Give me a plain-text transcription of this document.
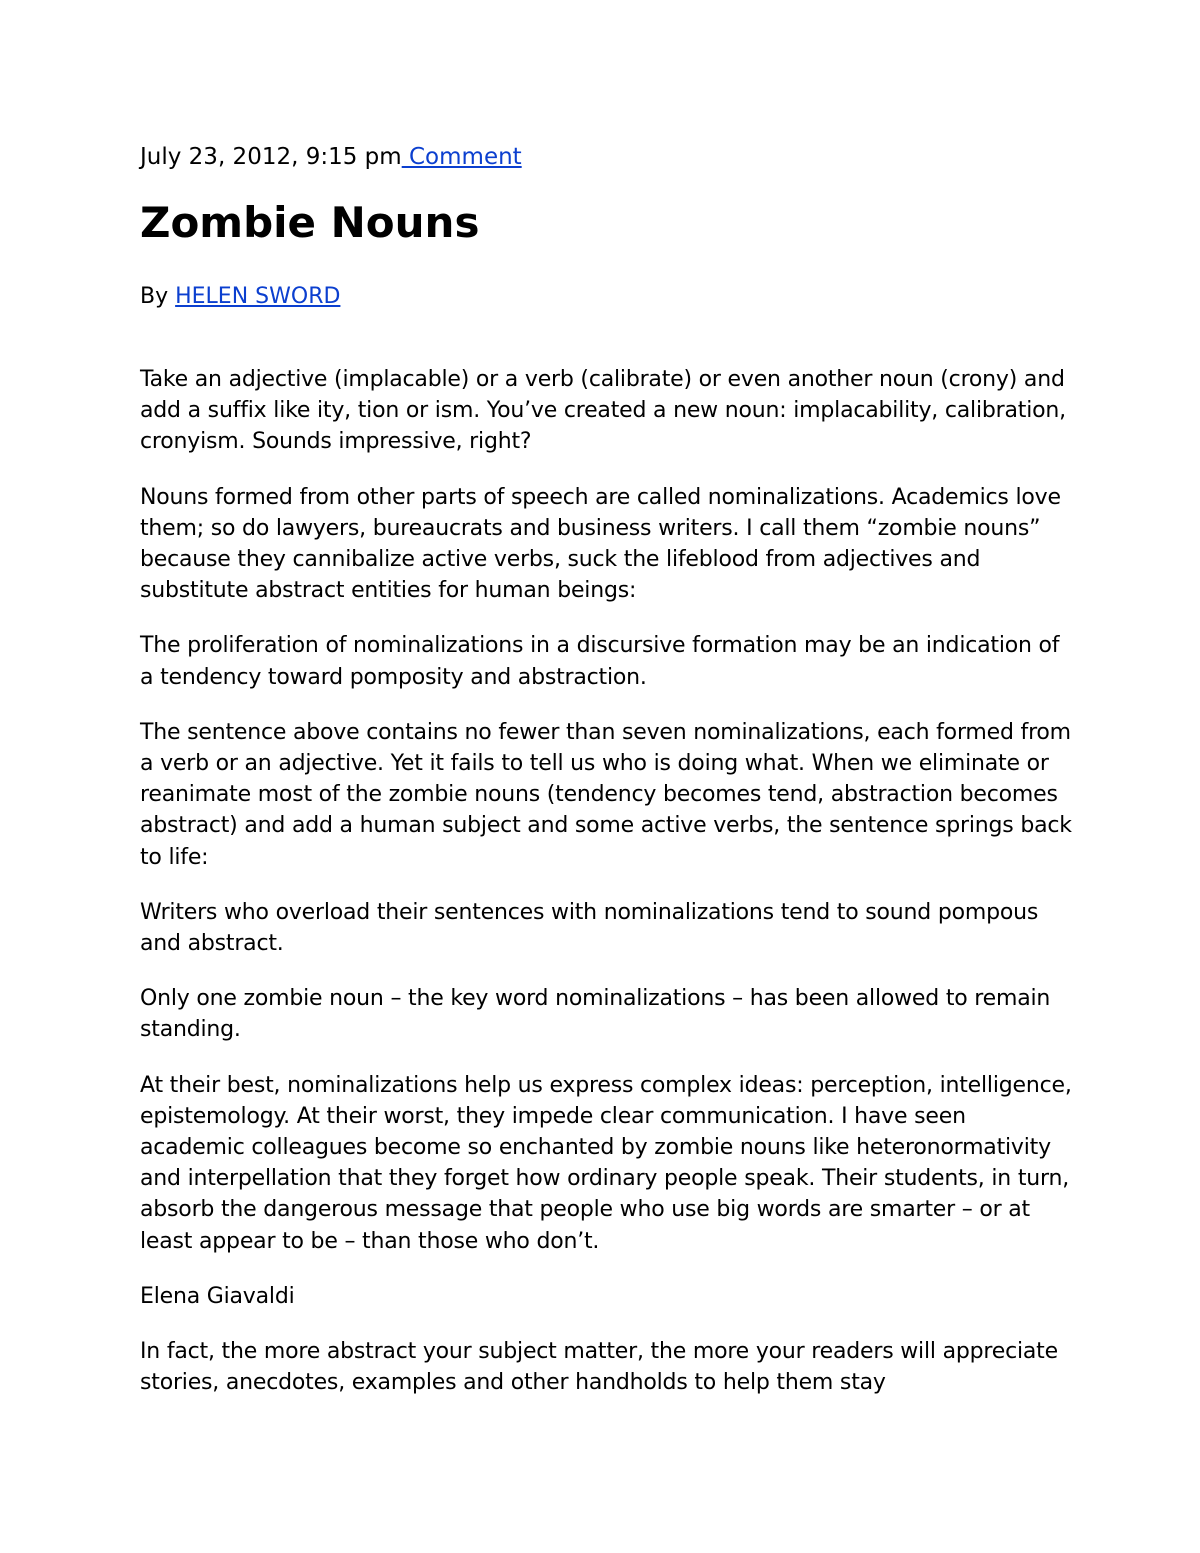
July 23, 2012, 9:15 pm Comment

Zombie Nouns

By HELEN SWORD

Take an adjective (implacable) or a verb (calibrate) or even another noun (crony) and add a suffix like ity, tion or ism. You’ve created a new noun: implacability, calibration, cronyism. Sounds impressive, right?

Nouns formed from other parts of speech are called nominalizations. Academics love them; so do lawyers, bureaucrats and business writers. I call them “zombie nouns” because they cannibalize active verbs, suck the lifeblood from adjectives and substitute abstract entities for human beings:

The proliferation of nominalizations in a discursive formation may be an indication of a tendency toward pomposity and abstraction.

The sentence above contains no fewer than seven nominalizations, each formed from a verb or an adjective. Yet it fails to tell us who is doing what. When we eliminate or reanimate most of the zombie nouns (tendency becomes tend, abstraction becomes abstract) and add a human subject and some active verbs, the sentence springs back to life:

Writers who overload their sentences with nominalizations tend to sound pompous and abstract.

Only one zombie noun – the key word nominalizations – has been allowed to remain standing.

At their best, nominalizations help us express complex ideas: perception, intelligence, epistemology. At their worst, they impede clear communication. I have seen academic colleagues become so enchanted by zombie nouns like heteronormativity and interpellation that they forget how ordinary people speak. Their students, in turn, absorb the dangerous message that people who use big words are smarter – or at least appear to be – than those who don’t.

Elena Giavaldi

In fact, the more abstract your subject matter, the more your readers will appreciate stories, anecdotes, examples and other handholds to help them stay
